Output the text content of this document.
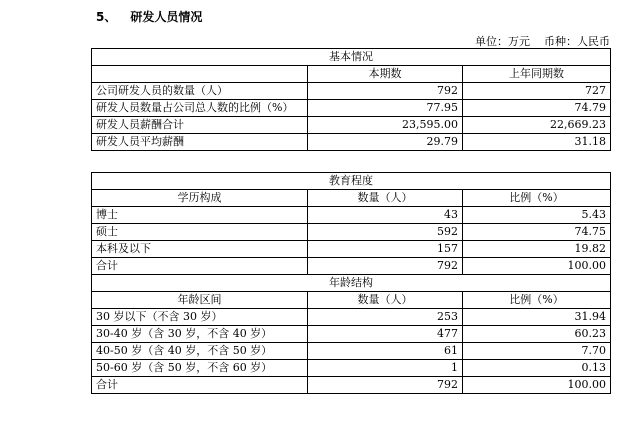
5、 研发人员情况
单位：万元 币种：人民币
基本情况		
	本期数	上年同期数
公司研发人员的数量（人）	792	727
研发人员数量占公司总人数的比例（%）	77.95	74.79
研发人员薪酬合计	23,595.00	22,669.23
研发人员平均薪酬	29.79	31.18
教育程度		
学历构成	数量（人）	比例（%）
博士	43	5.43
硕士	592	74.75
本科及以下	157	19.82
合计	792	100.00
年龄结构		
年龄区间	数量（人）	比例（%）
30 岁以下（不含 30 岁）	253	31.94
30-40 岁（含 30 岁，不含 40 岁）	477	60.23
40-50 岁（含 40 岁，不含 50 岁）	61	7.70
50-60 岁（含 50 岁，不含 60 岁）	1	0.13
合计	792	100.00
